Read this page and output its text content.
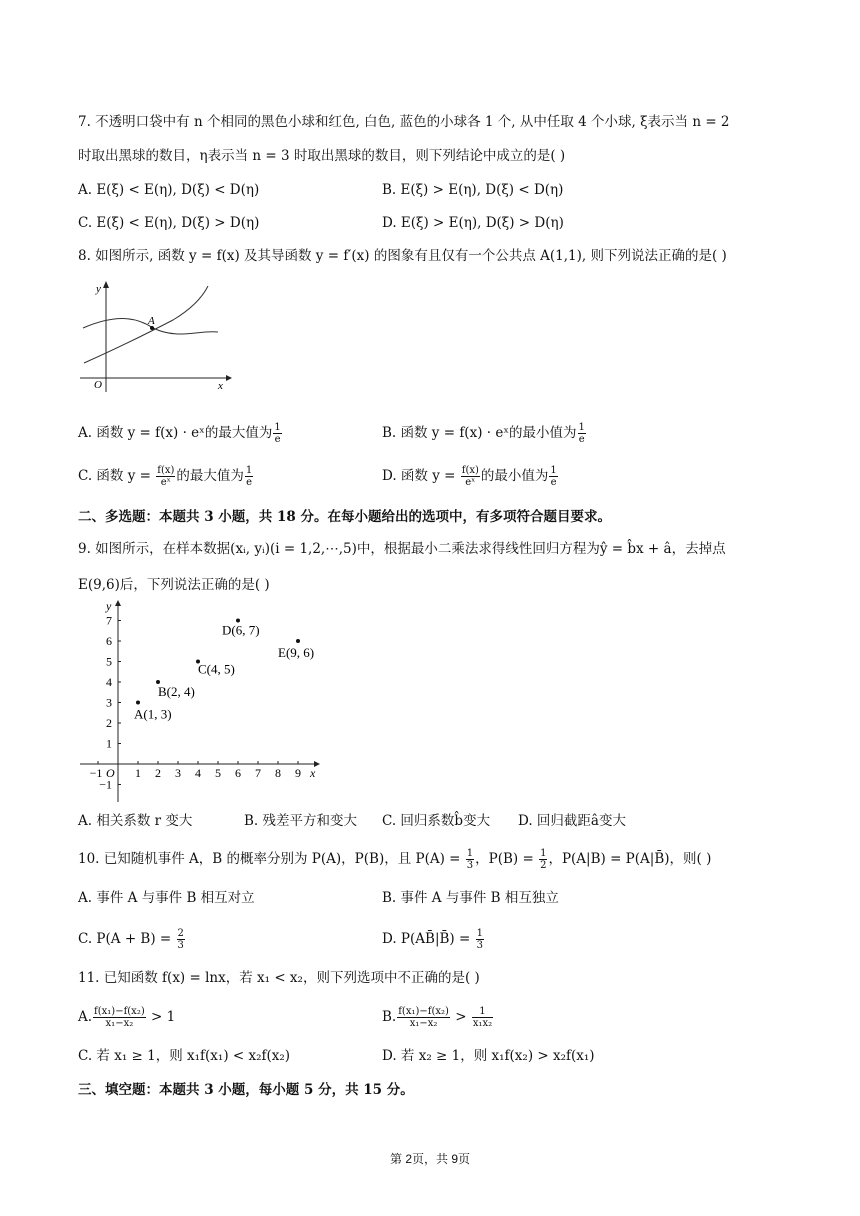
7. 不透明口袋中有 n 个相同的黑色小球和红色, 白色, 蓝色的小球各 1 个, 从中任取 4 个小球, ξ表示当 n = 2
时取出黑球的数目，η表示当 n = 3 时取出黑球的数目，则下列结论中成立的是( )
A. E(ξ) < E(η), D(ξ) < D(η)	B. E(ξ) > E(η), D(ξ) < D(η)
C. E(ξ) < E(η), D(ξ) > D(η)	D. E(ξ) > E(η), D(ξ) > D(η)
8. 如图所示, 函数 y = f(x) 及其导函数 y = f′(x) 的图象有且仅有一个公共点 A(1,1), 则下列说法正确的是( )
y
x
O
A
A. 函数 y = f(x) · eˣ的最大值为 $\frac{1}{e}$	B. 函数 y = f(x) · eˣ的最小值为 $\frac{1}{e}$
C. 函数 $y = \frac{f(x)}{\text{eˣ}}$ 的最大值为 $\frac{1}{e}$	D. 函数 $y = \frac{f(x)}{\text{eˣ}}$ 的最小值为 $\frac{1}{e}$
二、多选题：本题共 3 小题，共 18 分。在每小题给出的选项中，有多项符合题目要求。
9. 如图所示，在样本数据(xᵢ, yᵢ)(i = 1,2,⋯,5)中，根据最小二乘法求得线性回归方程为ŷ = b̂x + â，去掉点
E(9,6)后，下列说法正确的是( )
x
y
O
−1	1 2 3 4 5 6 7 8 9
−1
1
2
3
4
5
6
7
A(1, 3)
B(2, 4)
C(4, 5)
D(6, 7)
E(9, 6)
A. 相关系数 r 变大	B. 残差平方和变大 C. 回归系数b̂变大 D. 回归截距â变大
10. 已知随机事件 A，B 的概率分别为 P(A)，P(B)，且 $P(A) = \frac{1}{3}$ ，$P(B) = \frac{1}{2}$ ，P(A|B) = P(A|B̄)，则( )
A. 事件 A 与事件 B 相互对立	B. 事件 A 与事件 B 相互独立
C. $P(A + B) = \frac{2}{3}$	D. P(AB̄|B̄) = $\frac{1}{3}$
11. 已知函数 f(x) = lnx，若 x₁ < x₂，则下列选项中不正确的是( )
A. $\frac{\text{f(x₁)−f(x₂)}}{\text{x₁−x₂}} > 1$	B. $\frac{\text{f(x₁)−f(x₂)}}{\text{x₁−x₂}} > \frac{1}{\text{x₁x₂}}$
C. 若 x₁ ≥ 1，则 x₁f(x₁) < x₂f(x₂)	D. 若 x₂ ≥ 1，则 x₁f(x₂) > x₂f(x₁)
三、填空题：本题共 3 小题，每小题 5 分，共 15 分。
第 2页，共 9页
